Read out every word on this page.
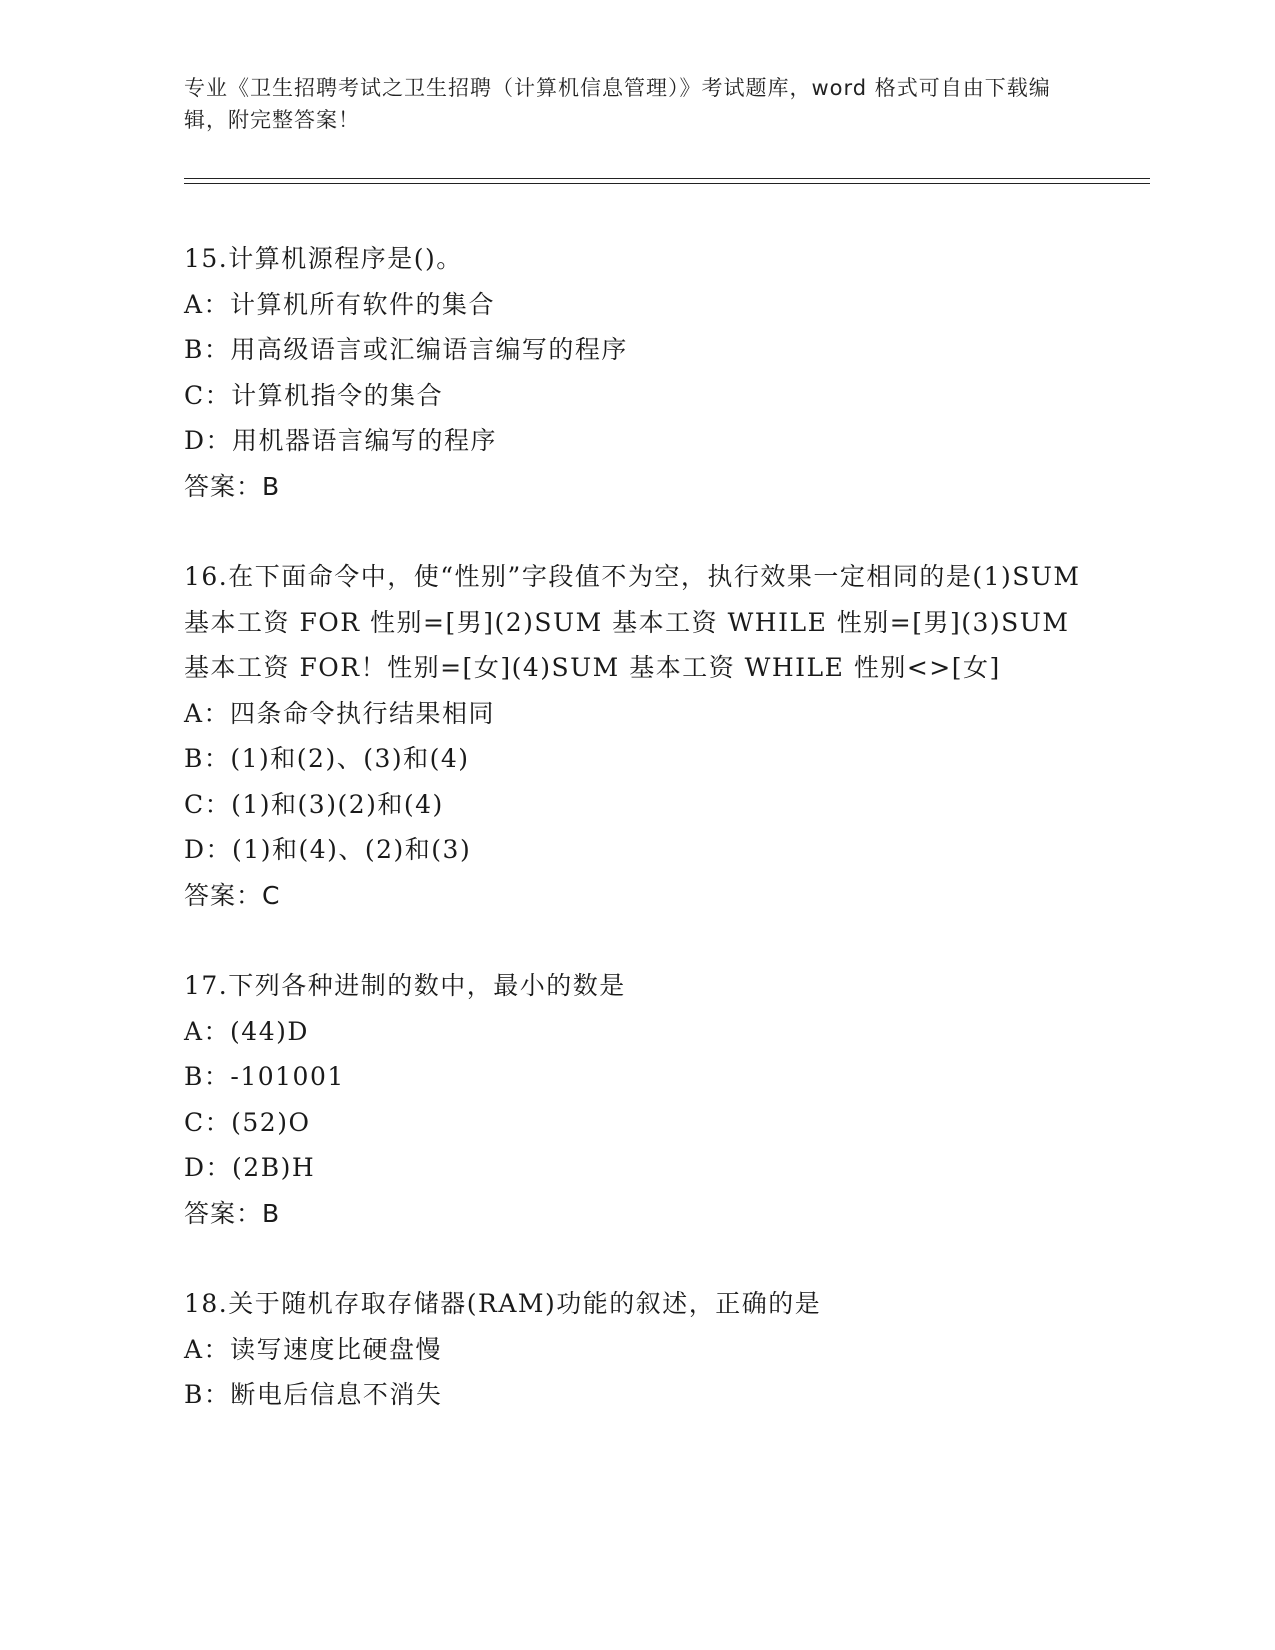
专业《卫生招聘考试之卫生招聘（计算机信息管理）》考试题库，word 格式可自由下载编辑，附完整答案！
15.计算机源程序是()。
A：计算机所有软件的集合
B：用高级语言或汇编语言编写的程序
C：计算机指令的集合
D：用机器语言编写的程序
答案：B
16.在下面命令中，使“性别”字段值不为空，执行效果一定相同的是(1)SUM 基本工资 FOR 性别=[男](2)SUM 基本工资 WHILE 性别=[男](3)SUM 基本工资 FOR！性别=[女](4)SUM 基本工资 WHILE 性别<>[女]
A：四条命令执行结果相同
B：(1)和(2)、(3)和(4)
C：(1)和(3)(2)和(4)
D：(1)和(4)、(2)和(3)
答案：C
17.下列各种进制的数中，最小的数是
A：(44)D
B：-101001
C：(52)O
D：(2B)H
答案：B
18.关于随机存取存储器(RAM)功能的叙述，正确的是
A：读写速度比硬盘慢
B：断电后信息不消失
